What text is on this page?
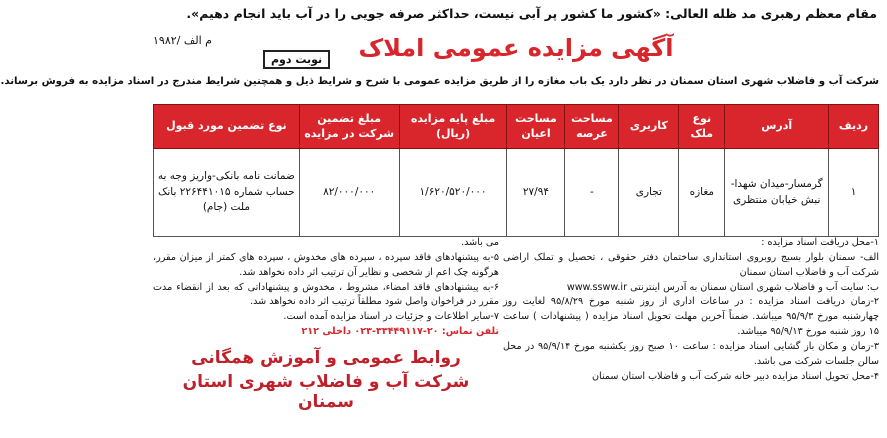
مقام معظم رهبری مد ظله العالی: «کشور ما کشور پر آبی نیست، حداکثر صرفه جویی را در آب باید انجام دهیم».
۱۹۸۲/ م الف
نوبت دوم	آگهی مزایده عمومی املاک
شرکت آب و فاضلاب شهری استان سمنان در نظر دارد یک باب مغازه را از طریق مزایده عمومی با شرح و شرایط ذیل و همچنین شرایط مندرج در اسناد مزایده به فروش برساند.
ردیف	آدرس	نوع ملک	کاربری	مساحت عرصه	مساحت اعیان	مبلغ پایه مزایده (ریال)	مبلغ تضمین شرکت در مزایده	نوع تضمین مورد قبول
۱	گرمسار-میدان شهدا-نبش خیابان منتظری	مغازه	تجاری	-	۲۷/۹۴	۱/۶۲۰/۵۲۰/۰۰۰	۸۲/۰۰۰/۰۰۰	ضمانت نامه بانکی-واریز وجه به حساب شماره ۲۲۶۴۴۱۰۱۵ بانک ملت (جام)

۱-محل دریافت اسناد مزایده :

الف- سمنان بلوار بسیج روبروی استانداری ساختمان دفتر حقوقی ، تحصیل و تملک اراضی شرکت آب و فاضلاب استان سمنان

ب: سایت آب و فاضلاب شهری استان سمنان به آدرس اینترنتی www.ssww.ir

۲-زمان دریافت اسناد مزایده : در ساعات اداری از روز شنبه مورخ ۹۵/۸/۲۹ لغایت روز چهارشنبه مورخ ۹۵/۹/۳ میباشد. ضمناً آخرین مهلت تحویل اسناد مزایده ( پیشنهادات ) ساعت ۱۵ روز شنبه مورخ ۹۵/۹/۱۳ میباشد.

۳-زمان و مکان باز گشایی اسناد مزایده : ساعت ۱۰ صبح روز یکشنبه مورخ ۹۵/۹/۱۴ در محل سالن جلسات شرکت می باشد.

۴-محل تحویل اسناد مزایده دبیر خانه شرکت آب و فاضلاب استان سمنان

می باشد.

۵-به پیشنهادهای فاقد سپرده ، سپرده های مخدوش ، سپرده های کمتر از میزان مقرر، هرگونه چک اعم از شخصی و نظایر آن ترتیب اثر داده نخواهد شد.

۶-به پیشنهادهای فاقد امضاء، مشروط ، مخدوش و پیشنهاداتی که بعد از انقضاء مدت مقرر در فراخوان واصل شود مطلقاً ترتیب اثر داده نخواهد شد.

۷-سایر اطلاعات و جزئیات در اسناد مزایده آمده است.

تلفن تماس: ۲۰-۳۳۴۴۹۱۱۷-۰۲۳ داخلی ۲۱۲

روابط عمومی و آموزش همگانی
شرکت آب و فاضلاب شهری استان سمنان
